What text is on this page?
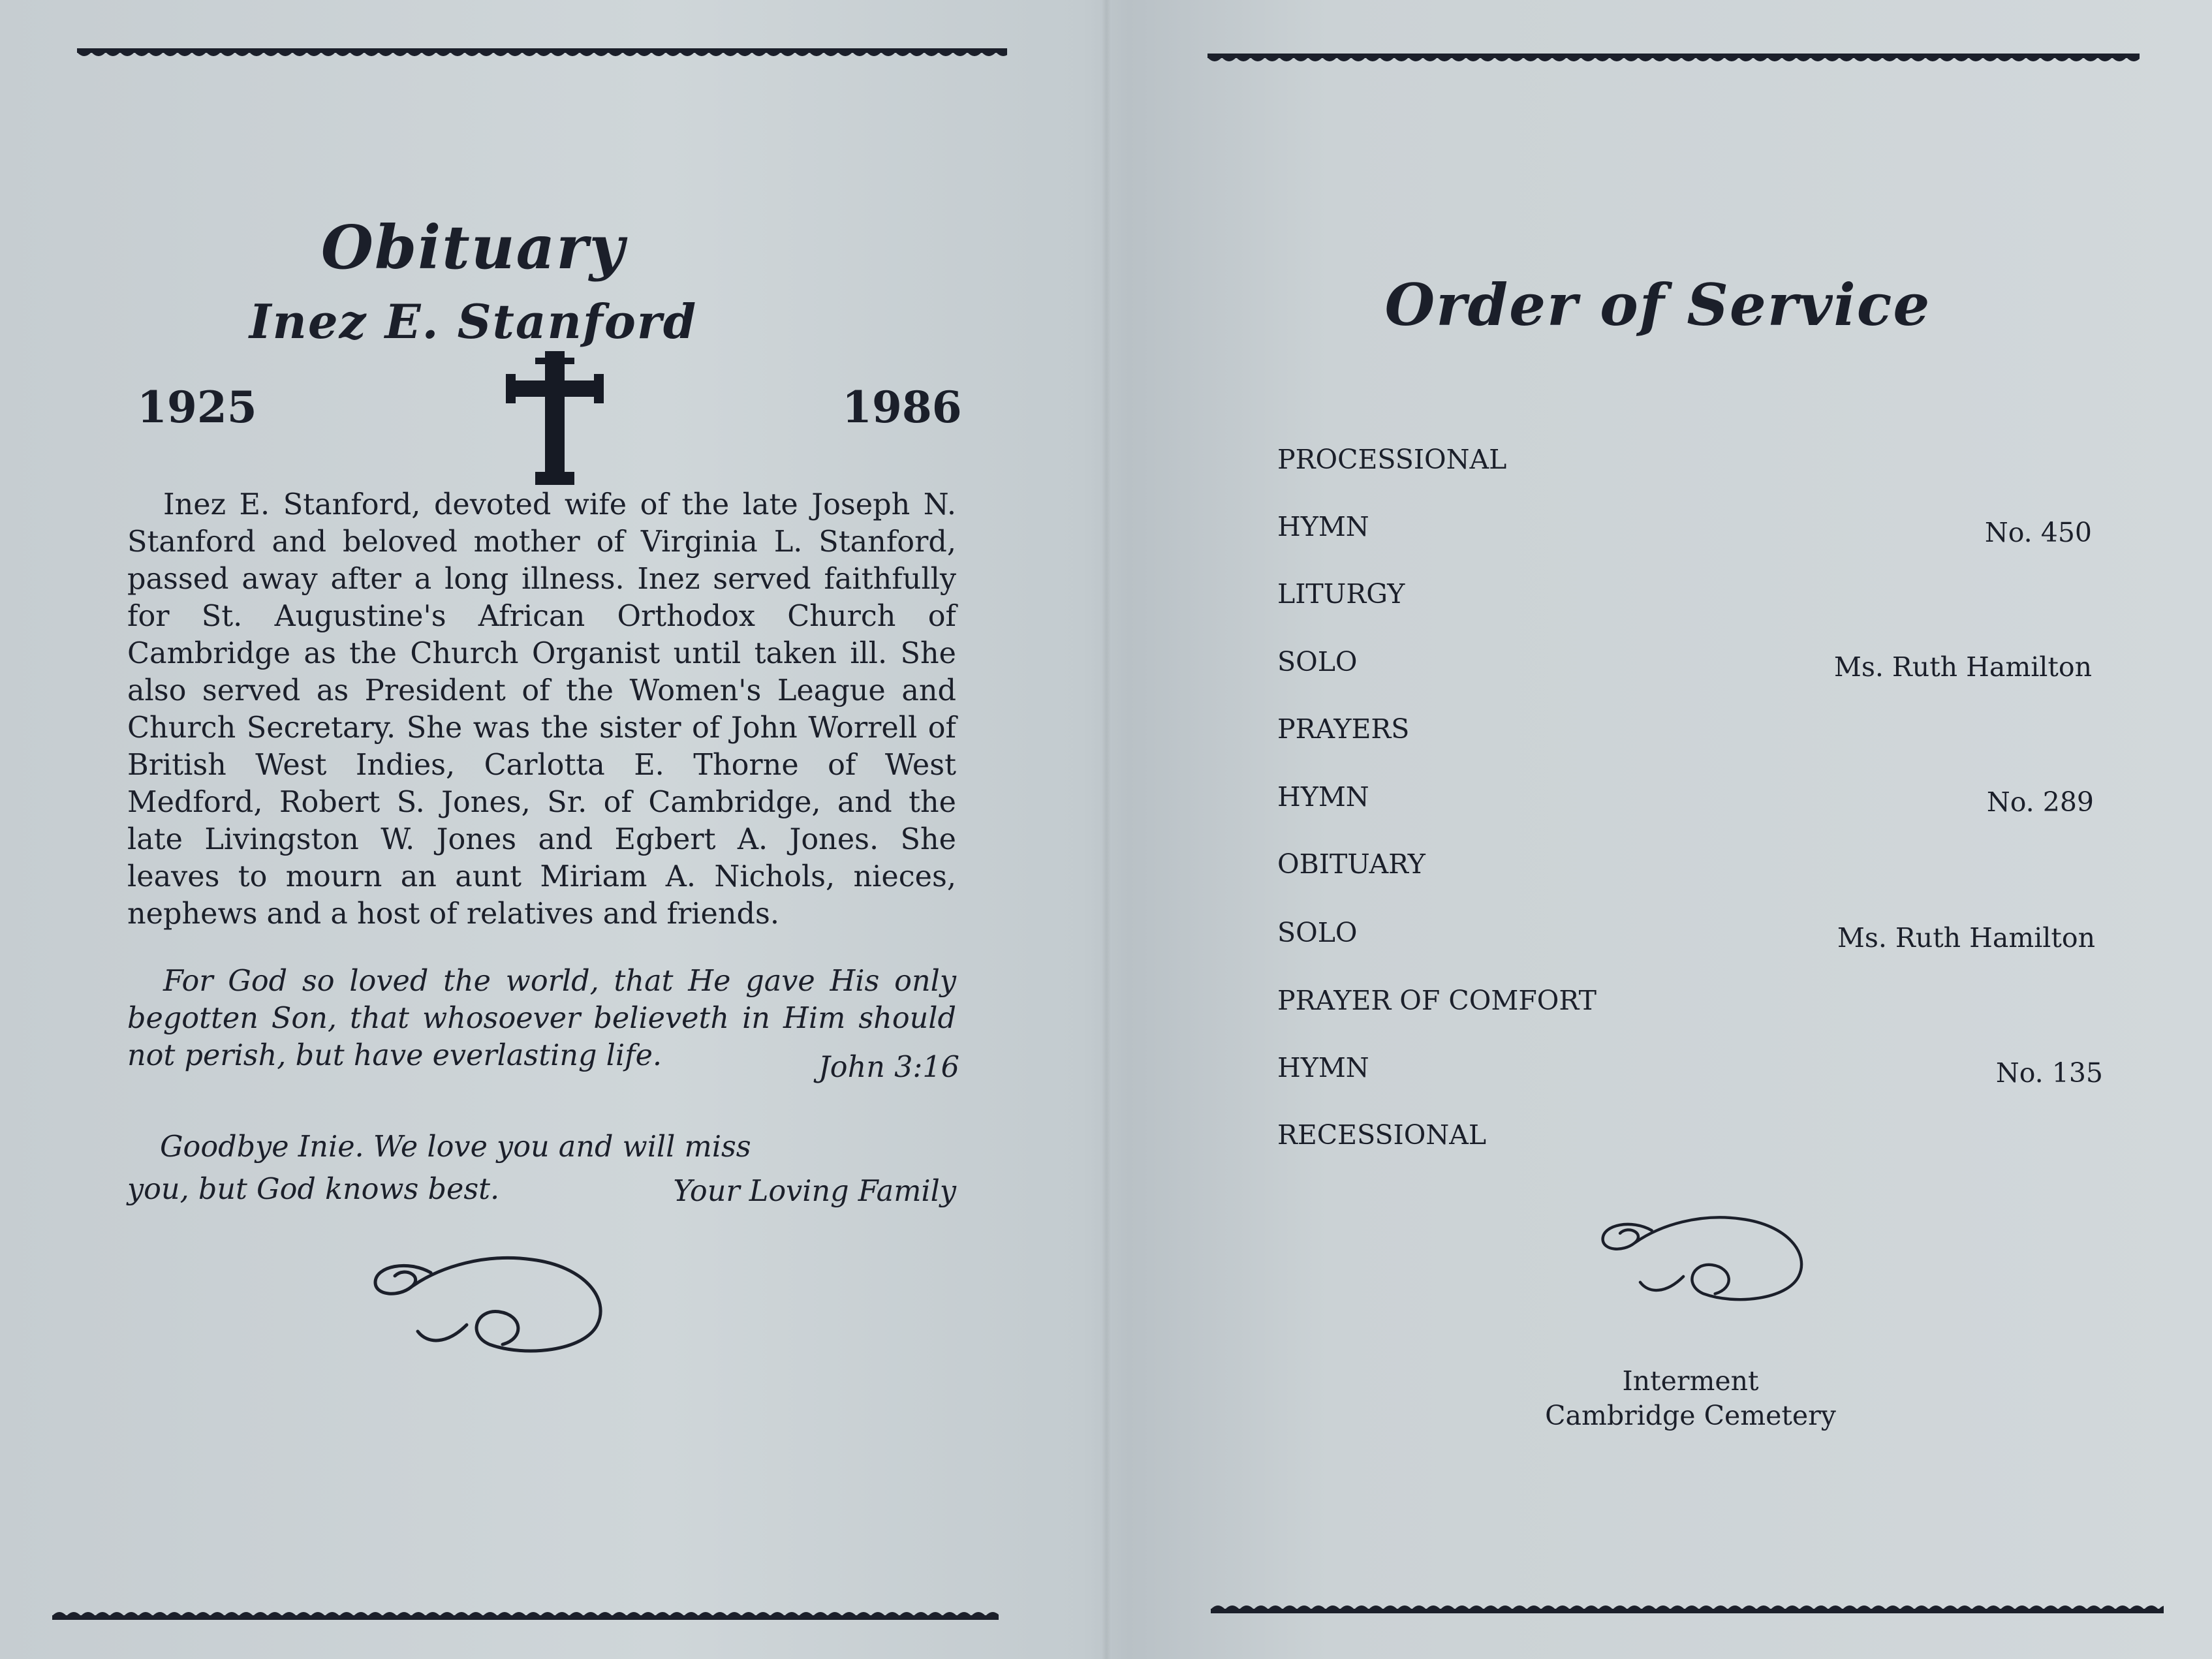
Obituary
Inez E. Stanford
1925	1986
Inez E. Stanford, devoted wife of the late Joseph N. Stanford and beloved mother of Virginia L. Stanford, passed away after a long illness. Inez served faithfully for St. Augustine's African Orthodox Church of Cambridge as the Church Organist until taken ill. She also served as President of the Women's League and Church Secretary. She was the sister of John Worrell of British West Indies, Carlotta E. Thorne of West Medford, Robert S. Jones, Sr. of Cambridge, and the late Livingston W. Jones and Egbert A. Jones. She leaves to mourn an aunt Miriam A. Nichols, nieces, nephews and a host of relatives and friends.
For God so loved the world, that He gave His only begotten Son, that whosoever believeth in Him should not perish, but have everlasting life.	John 3:16
Goodbye Inie. We love you and will miss you, but God knows best.	Your Loving Family
Order of Service
PROCESSIONAL
HYMN	No. 450
LITURGY
SOLO	Ms. Ruth Hamilton
PRAYERS
HYMN	No. 289
OBITUARY
SOLO	Ms. Ruth Hamilton
PRAYER OF COMFORT
HYMN	No. 135
RECESSIONAL
Interment
Cambridge Cemetery
